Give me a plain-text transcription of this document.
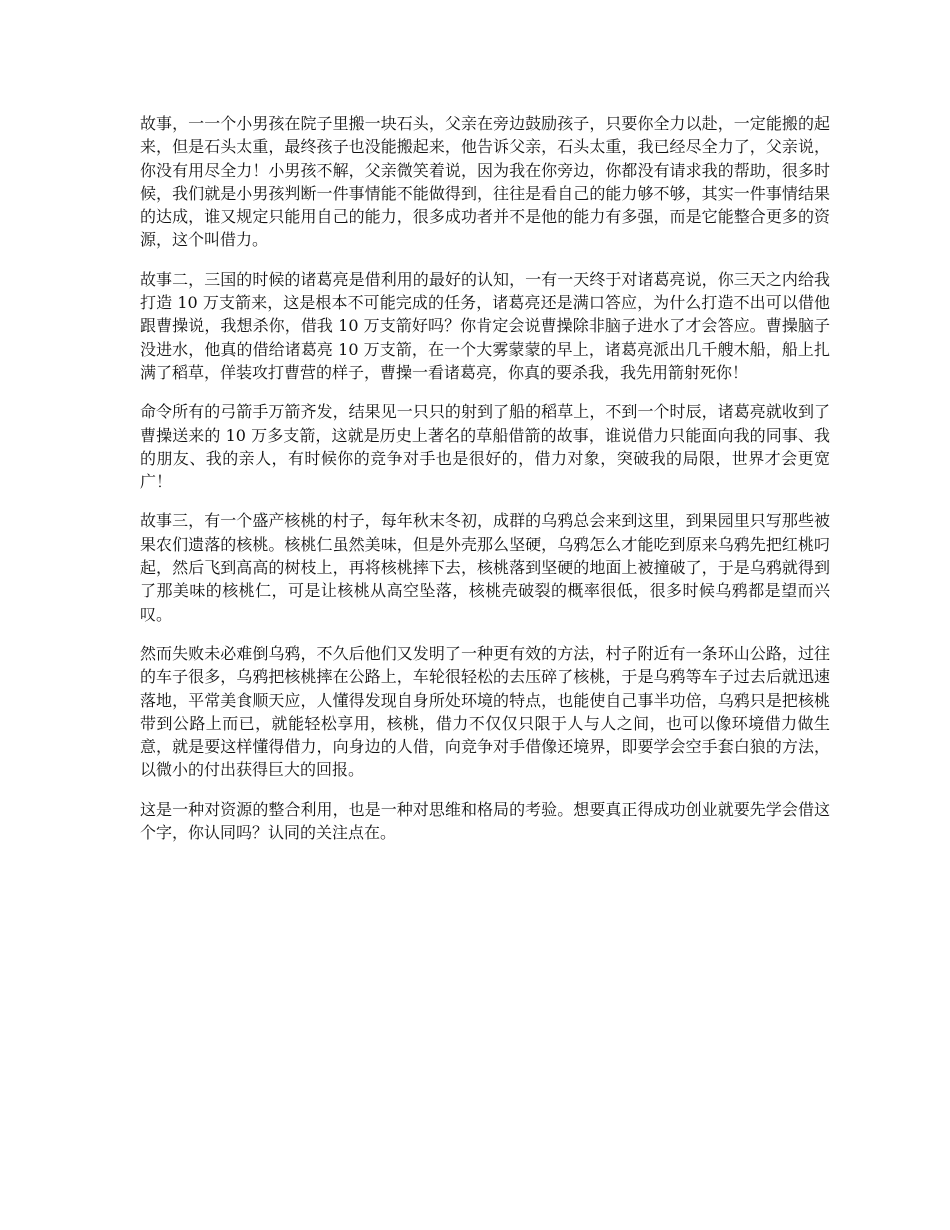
故事，一一个小男孩在院子里搬一块石头，父亲在旁边鼓励孩子，只要你全力以赴，一定能搬的起来，但是石头太重，最终孩子也没能搬起来，他告诉父亲，石头太重，我已经尽全力了，父亲说，你没有用尽全力！小男孩不解，父亲微笑着说，因为我在你旁边，你都没有请求我的帮助，很多时候，我们就是小男孩判断一件事情能不能做得到，往往是看自己的能力够不够，其实一件事情结果的达成，谁又规定只能用自己的能力，很多成功者并不是他的能力有多强，而是它能整合更多的资源，这个叫借力。

故事二，三国的时候的诸葛亮是借利用的最好的认知，一有一天终于对诸葛亮说，你三天之内给我打造 10 万支箭来，这是根本不可能完成的任务，诸葛亮还是满口答应，为什么打造不出可以借他跟曹操说，我想杀你，借我 10 万支箭好吗？你肯定会说曹操除非脑子进水了才会答应。曹操脑子没进水，他真的借给诸葛亮 10 万支箭，在一个大雾蒙蒙的早上，诸葛亮派出几千艘木船，船上扎满了稻草，佯装攻打曹营的样子，曹操一看诸葛亮，你真的要杀我，我先用箭射死你！

命令所有的弓箭手万箭齐发，结果见一只只的射到了船的稻草上，不到一个时辰，诸葛亮就收到了曹操送来的 10 万多支箭，这就是历史上著名的草船借箭的故事，谁说借力只能面向我的同事、我的朋友、我的亲人，有时候你的竞争对手也是很好的，借力对象，突破我的局限，世界才会更宽广！

故事三，有一个盛产核桃的村子，每年秋末冬初，成群的乌鸦总会来到这里，到果园里只写那些被果农们遗落的核桃。核桃仁虽然美味，但是外壳那么坚硬，乌鸦怎么才能吃到原来乌鸦先把红桃叼起，然后飞到高高的树枝上，再将核桃摔下去，核桃落到坚硬的地面上被撞破了，于是乌鸦就得到了那美味的核桃仁，可是让核桃从高空坠落，核桃壳破裂的概率很低，很多时候乌鸦都是望而兴叹。

然而失败未必难倒乌鸦，不久后他们又发明了一种更有效的方法，村子附近有一条环山公路，过往的车子很多，乌鸦把核桃摔在公路上，车轮很轻松的去压碎了核桃，于是乌鸦等车子过去后就迅速落地，平常美食顺天应，人懂得发现自身所处环境的特点，也能使自己事半功倍，乌鸦只是把核桃带到公路上而已，就能轻松享用，核桃，借力不仅仅只限于人与人之间，也可以像环境借力做生意，就是要这样懂得借力，向身边的人借，向竞争对手借像还境界，即要学会空手套白狼的方法，以微小的付出获得巨大的回报。

这是一种对资源的整合利用，也是一种对思维和格局的考验。想要真正得成功创业就要先学会借这个字，你认同吗？认同的关注点在。
